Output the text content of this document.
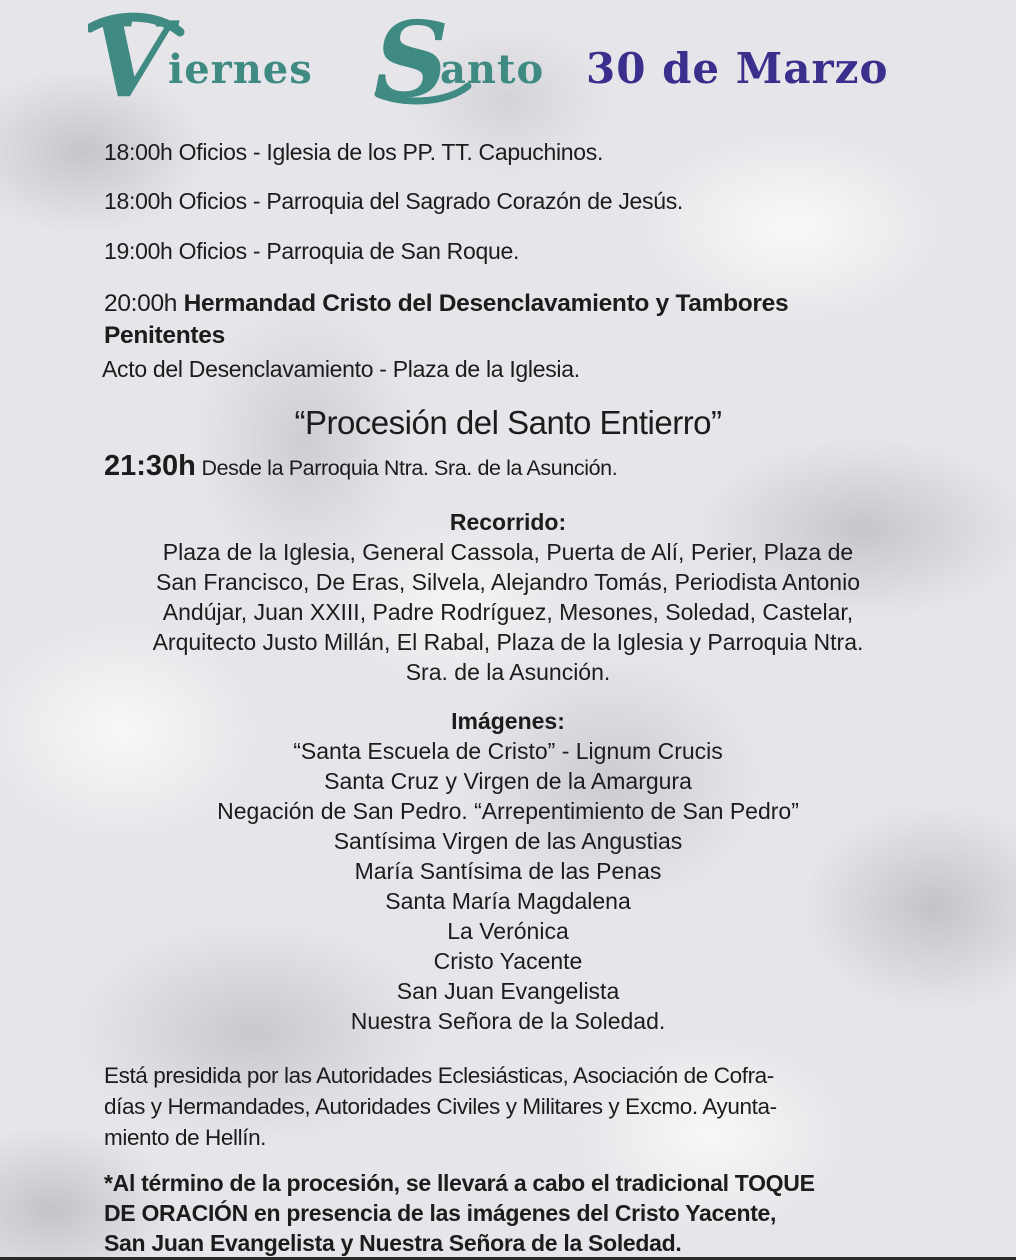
V
iernes S
anto 30 de Marzo
18:00h Oficios - Iglesia de los PP. TT. Capuchinos.
18:00h Oficios - Parroquia del Sagrado Corazón de Jesús.
19:00h Oficios - Parroquia de San Roque.
20:00h Hermandad Cristo del Desenclavamiento y Tambores
Penitentes
Acto del Desenclavamiento - Plaza de la Iglesia.
“Procesión del Santo Entierro”
21:30h Desde la Parroquia Ntra. Sra. de la Asunción.
Recorrido:
Plaza de la Iglesia, General Cassola, Puerta de Alí, Perier, Plaza de
San Francisco, De Eras, Silvela, Alejandro Tomás, Periodista Antonio
Andújar, Juan XXIII, Padre Rodríguez, Mesones, Soledad, Castelar,
Arquitecto Justo Millán, El Rabal, Plaza de la Iglesia y Parroquia Ntra.
Sra. de la Asunción.
Imágenes:
“Santa Escuela de Cristo” - Lignum Crucis
Santa Cruz y Virgen de la Amargura
Negación de San Pedro. “Arrepentimiento de San Pedro”
Santísima Virgen de las Angustias
María Santísima de las Penas
Santa María Magdalena
La Verónica
Cristo Yacente
San Juan Evangelista
Nuestra Señora de la Soledad.
Está presidida por las Autoridades Eclesiásticas, Asociación de Cofra-
días y Hermandades, Autoridades Civiles y Militares y Excmo. Ayunta-
miento de Hellín.
*Al término de la procesión, se llevará a cabo el tradicional TOQUE
DE ORACIÓN en presencia de las imágenes del Cristo Yacente,
San Juan Evangelista y Nuestra Señora de la Soledad.
